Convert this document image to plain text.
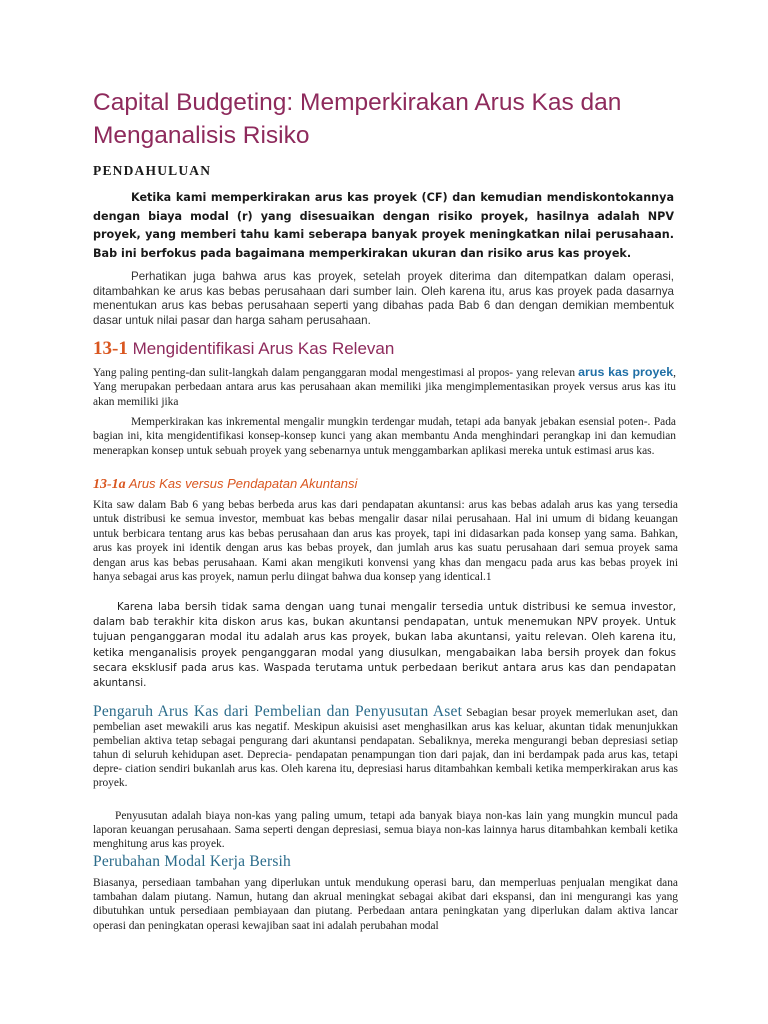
Capital Budgeting: Memperkirakan Arus Kas dan Menganalisis Risiko
PENDAHULUAN

Ketika kami memperkirakan arus kas proyek (CF) dan kemudian mendiskontokannya dengan biaya modal (r) yang disesuaikan dengan risiko proyek, hasilnya adalah NPV proyek, yang memberi tahu kami seberapa banyak proyek meningkatkan nilai perusahaan. Bab ini berfokus pada bagaimana memperkirakan ukuran dan risiko arus kas proyek.

Perhatikan juga bahwa arus kas proyek, setelah proyek diterima dan ditempatkan dalam operasi, ditambahkan ke arus kas bebas perusahaan dari sumber lain. Oleh karena itu, arus kas proyek pada dasarnya menentukan arus kas bebas perusahaan seperti yang dibahas pada Bab 6 dan dengan demikian membentuk dasar untuk nilai pasar dan harga saham perusahaan.

13-1 Mengidentifikasi Arus Kas Relevan

Yang paling penting-dan sulit-langkah dalam penganggaran modal mengestimasi al propos- yang relevan arus kas proyek, Yang merupakan perbedaan antara arus kas perusahaan akan memiliki jika mengimplementasikan proyek versus arus kas itu akan memiliki jika

Memperkirakan kas inkremental mengalir mungkin terdengar mudah, tetapi ada banyak jebakan esensial poten-. Pada bagian ini, kita mengidentifikasi konsep-konsep kunci yang akan membantu Anda menghindari perangkap ini dan kemudian menerapkan konsep untuk sebuah proyek yang sebenarnya untuk menggambarkan aplikasi mereka untuk estimasi arus kas.

13-1a Arus Kas versus Pendapatan Akuntansi

Kita saw dalam Bab 6 yang bebas berbeda arus kas dari pendapatan akuntansi: arus kas bebas adalah arus kas yang tersedia untuk distribusi ke semua investor, membuat kas bebas mengalir dasar nilai perusahaan. Hal ini umum di bidang keuangan untuk berbicara tentang arus kas bebas perusahaan dan arus kas proyek, tapi ini didasarkan pada konsep yang sama. Bahkan, arus kas proyek ini identik dengan arus kas bebas proyek, dan jumlah arus kas suatu perusahaan dari semua proyek sama dengan arus kas bebas perusahaan. Kami akan mengikuti konvensi yang khas dan mengacu pada arus kas bebas proyek ini hanya sebagai arus kas proyek, namun perlu diingat bahwa dua konsep yang identical.1

Karena laba bersih tidak sama dengan uang tunai mengalir tersedia untuk distribusi ke semua investor, dalam bab terakhir kita diskon arus kas, bukan akuntansi pendapatan, untuk menemukan NPV proyek. Untuk tujuan penganggaran modal itu adalah arus kas proyek, bukan laba akuntansi, yaitu relevan. Oleh karena itu, ketika menganalisis proyek penganggaran modal yang diusulkan, mengabaikan laba bersih proyek dan fokus secara eksklusif pada arus kas. Waspada terutama untuk perbedaan berikut antara arus kas dan pendapatan akuntansi.

Pengaruh Arus Kas dari Pembelian dan Penyusutan Aset Sebagian besar proyek memerlukan aset, dan pembelian aset mewakili arus kas negatif. Meskipun akuisisi aset menghasilkan arus kas keluar, akuntan tidak menunjukkan pembelian aktiva tetap sebagai pengurang dari akuntansi pendapatan. Sebaliknya, mereka mengurangi beban depresiasi setiap tahun di seluruh kehidupan aset. Deprecia- pendapatan penampungan tion dari pajak, dan ini berdampak pada arus kas, tetapi depre- ciation sendiri bukanlah arus kas. Oleh karena itu, depresiasi harus ditambahkan kembali ketika memperkirakan arus kas proyek.

Penyusutan adalah biaya non-kas yang paling umum, tetapi ada banyak biaya non-kas lain yang mungkin muncul pada laporan keuangan perusahaan. Sama seperti dengan depresiasi, semua biaya non-kas lainnya harus ditambahkan kembali ketika menghitung arus kas proyek.

Perubahan Modal Kerja Bersih

Biasanya, persediaan tambahan yang diperlukan untuk mendukung operasi baru, dan memperluas penjualan mengikat dana tambahan dalam piutang. Namun, hutang dan akrual meningkat sebagai akibat dari ekspansi, dan ini mengurangi kas yang dibutuhkan untuk persediaan pembiayaan dan piutang. Perbedaan antara peningkatan yang diperlukan dalam aktiva lancar operasi dan peningkatan operasi kewajiban saat ini adalah perubahan modal
